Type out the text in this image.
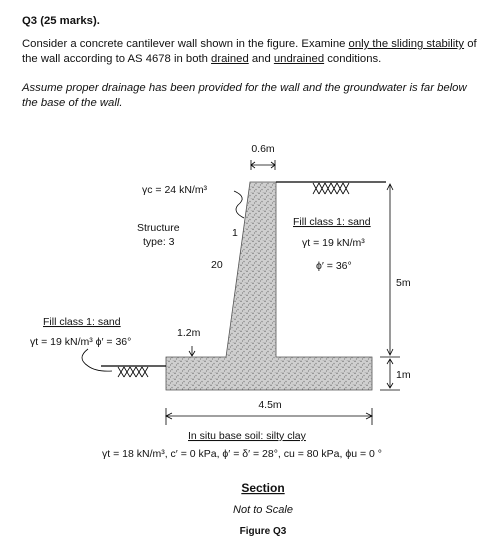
Q3 (25 marks).
Consider a concrete cantilever wall shown in the figure. Examine only the sliding stability of the wall according to AS 4678 in both drained and undrained conditions.
Assume proper drainage has been provided for the wall and the groundwater is far below the base of the wall.
0.6m
γc = 24 kN/m³
Structure
type: 3
1
20
Fill class 1: sand
γt = 19 kN/m³
ϕ′ = 36°
5m
1m
Fill class 1: sand
γt = 19 kN/m³ ϕ′ = 36°
1.2m
4.5m
In situ base soil: silty clay
γt = 18 kN/m³, c′ = 0 kPa, ϕ′ = δ′ = 28°, cu = 80 kPa, ϕu = 0 °
Section
Not to Scale
Figure Q3
